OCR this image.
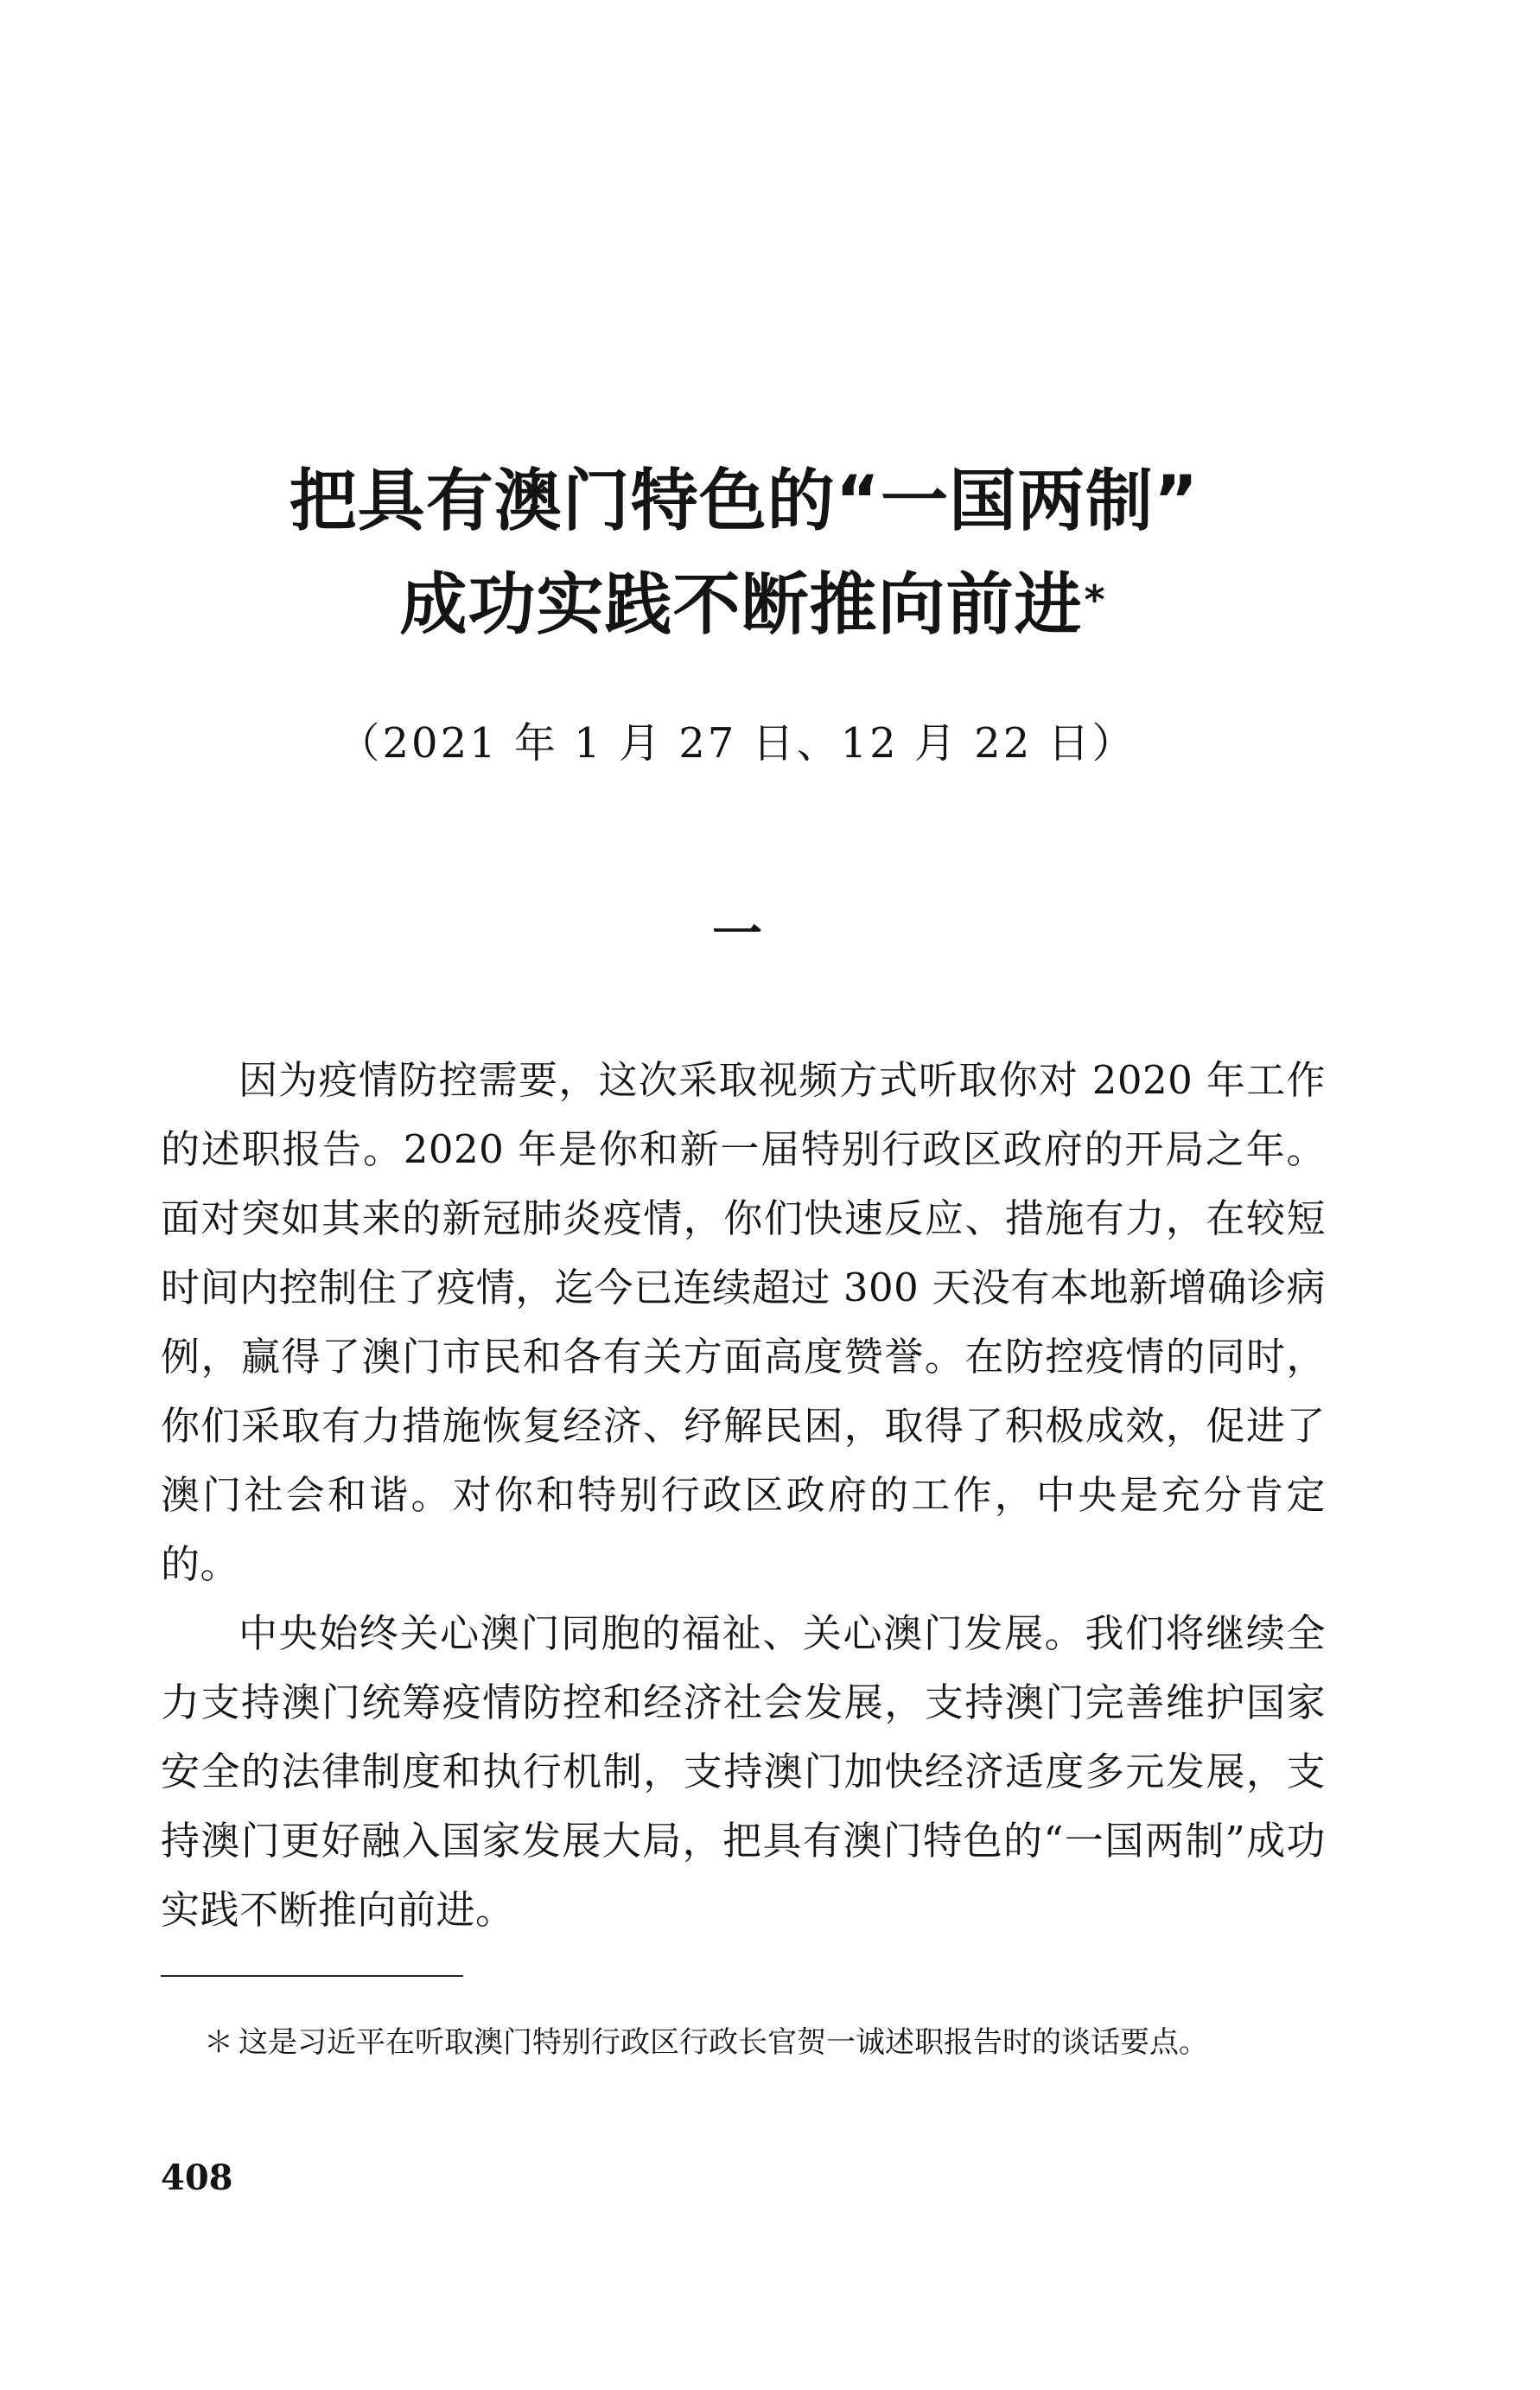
把具有澳门特色的“一国两制”
成功实践不断推向前进*
（2021 年 1 月 27 日、12 月 22 日）
一

因为疫情防控需要，这次采取视频方式听取你对 2020 年工作的述职报告。2020 年是你和新一届特别行政区政府的开局之年。面对突如其来的新冠肺炎疫情，你们快速反应、措施有力，在较短时间内控制住了疫情，迄今已连续超过 300 天没有本地新增确诊病例，赢得了澳门市民和各有关方面高度赞誉。在防控疫情的同时，你们采取有力措施恢复经济、纾解民困，取得了积极成效，促进了澳门社会和谐。对你和特别行政区政府的工作，中央是充分肯定的。

中央始终关心澳门同胞的福祉、关心澳门发展。我们将继续全力支持澳门统筹疫情防控和经济社会发展，支持澳门完善维护国家安全的法律制度和执行机制，支持澳门加快经济适度多元发展，支持澳门更好融入国家发展大局，把具有澳门特色的“一国两制”成功实践不断推向前进。

＊ 这是习近平在听取澳门特别行政区行政长官贺一诚述职报告时的谈话要点。
408
